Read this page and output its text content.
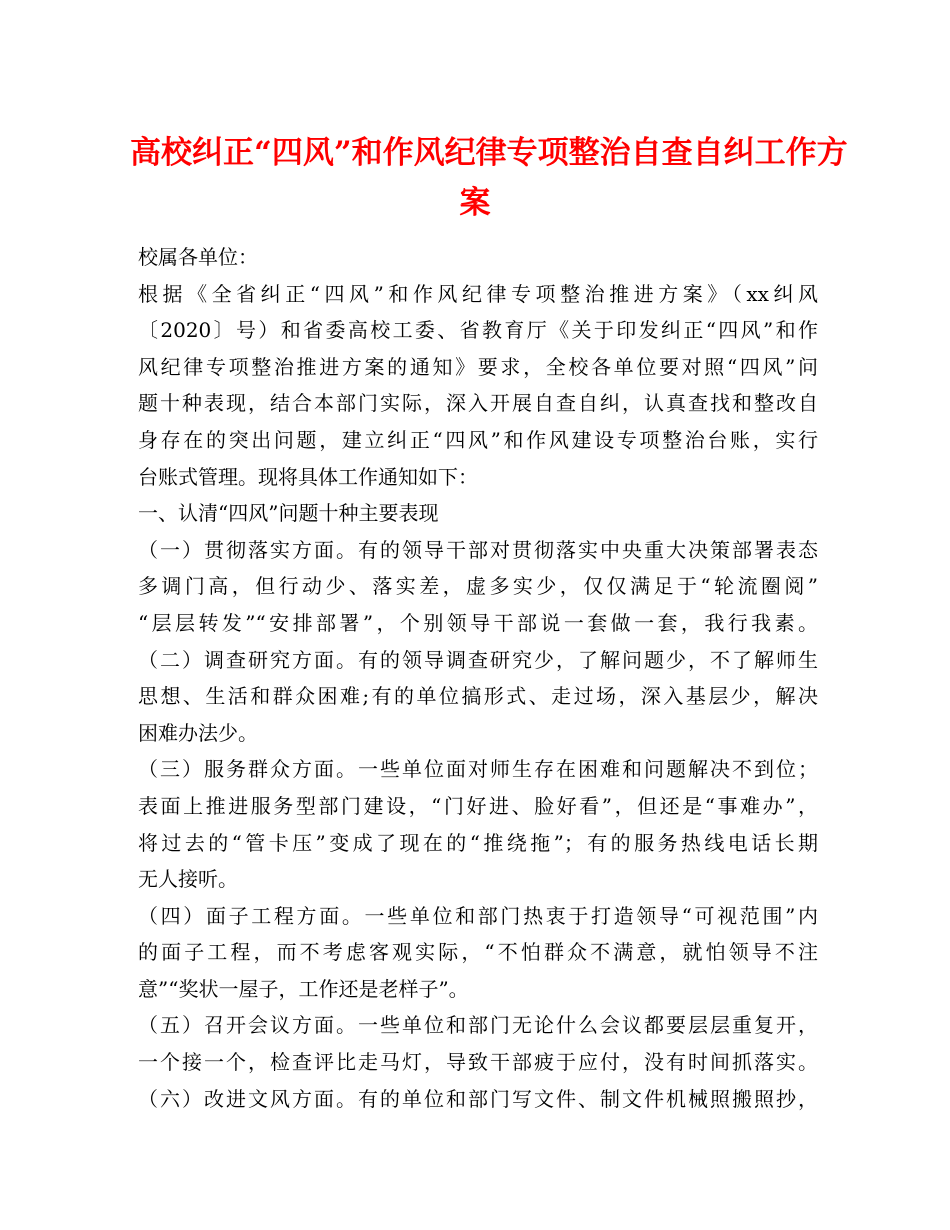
高校纠正“四风”和作风纪律专项整治自查自纠工作方
案
校属各单位：
根据《全省纠正“四风”和作风纪律专项整治推进方案》（xx纠风
〔2020〕号）和省委高校工委、省教育厅《关于印发纠正“四风”和作
风纪律专项整治推进方案的通知》要求，全校各单位要对照“四风”问
题十种表现，结合本部门实际，深入开展自查自纠，认真查找和整改自
身存在的突出问题，建立纠正“四风”和作风建设专项整治台账，实行
台账式管理。现将具体工作通知如下：
一、认清“四风”问题十种主要表现
（一）贯彻落实方面。有的领导干部对贯彻落实中央重大决策部署表态
多调门高，但行动少、落实差，虚多实少，仅仅满足于“轮流圈阅”
“层层转发”“安排部署”，个别领导干部说一套做一套，我行我素。
（二）调查研究方面。有的领导调查研究少，了解问题少，不了解师生
思想、生活和群众困难;有的单位搞形式、走过场，深入基层少，解决
困难办法少。
（三）服务群众方面。一些单位面对师生存在困难和问题解决不到位；
表面上推进服务型部门建设，“门好进、脸好看”，但还是“事难办”，
将过去的“管卡压”变成了现在的“推绕拖”；有的服务热线电话长期
无人接听。
（四）面子工程方面。一些单位和部门热衷于打造领导“可视范围”内
的面子工程，而不考虑客观实际，“不怕群众不满意，就怕领导不注
意”“奖状一屋子，工作还是老样子”。
（五）召开会议方面。一些单位和部门无论什么会议都要层层重复开，
一个接一个，检查评比走马灯，导致干部疲于应付，没有时间抓落实。
（六）改进文风方面。有的单位和部门写文件、制文件机械照搬照抄，
